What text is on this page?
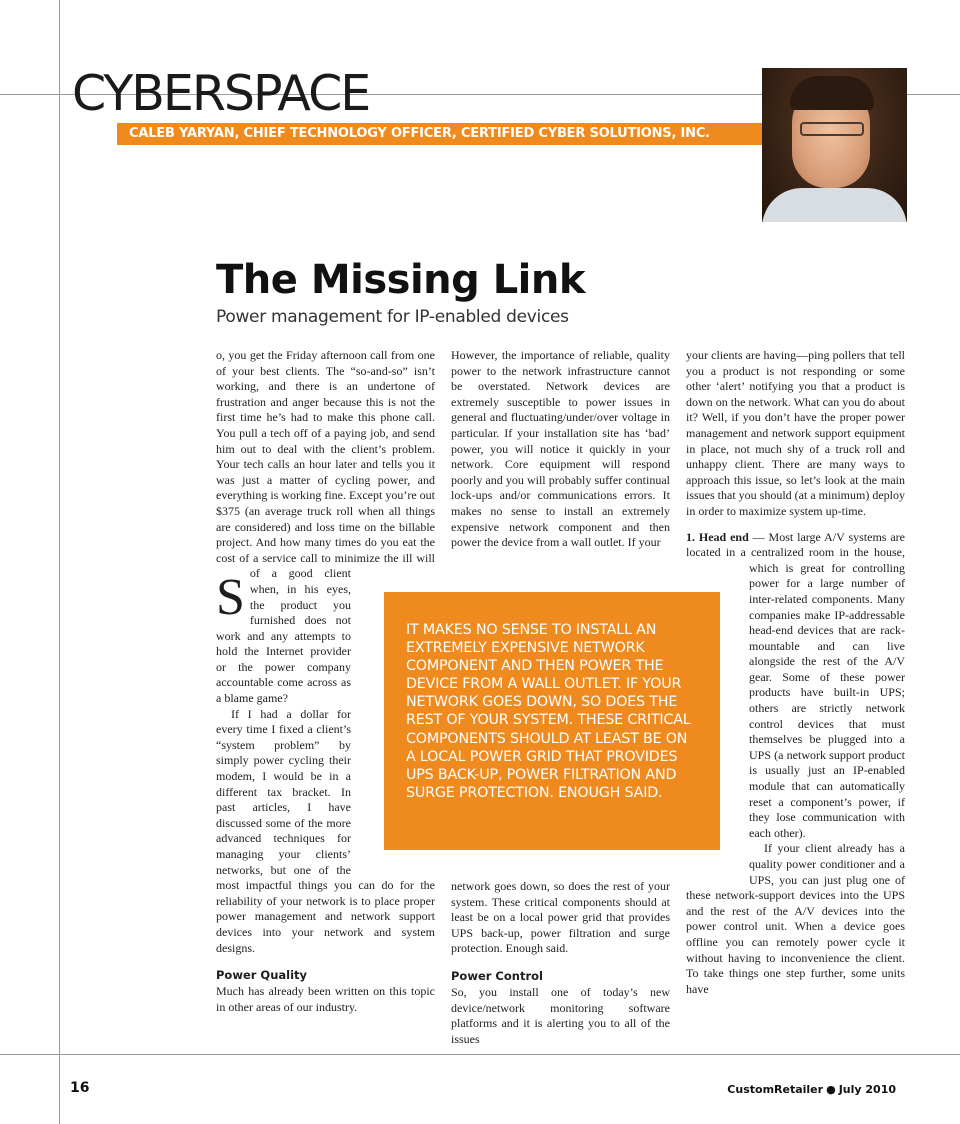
CYBERSPACE
CALEB YARYAN, CHIEF TECHNOLOGY OFFICER, CERTIFIED CYBER SOLUTIONS, INC.
The Missing Link

Power management for IP-enabled devices

S
o, you get the Friday afternoon call from one of your best clients. The “so-and-so” isn’t working, and there is an undertone of frustration and anger because this is not the first time he’s had to make this phone call. You pull a tech off of a paying job, and send him out to deal with the client’s problem. Your tech calls an hour later and tells you it was just a matter of cycling power, and everything is working fine. Except you’re out $375 (an average truck roll when all things are considered) and loss time on the billable project. And how many times do you eat the cost of a service call to minimize the ill will of a good client when, in his eyes, the product you furnished does not work and any attempts to hold the Internet provider or the power company accountable come across as a blame game?

If I had a dollar for every time I fixed a client’s “system problem” by simply power cycling their modem, I would be in a different tax bracket. In past articles, I have discussed some of the more advanced techniques for managing your clients’ networks, but one of the most impactful things you can do for the reliability of your network is to place proper power management and network support devices into your network and system designs.

Power Quality

Much has already been written on this topic in other areas of our industry.

However, the importance of reliable, quality power to the network infrastructure cannot be overstated. Network devices are extremely susceptible to power issues in general and fluctuating/under/over voltage in particular. If your installation site has ‘bad’ power, you will notice it quickly in your network. Core equipment will respond poorly and you will probably suffer continual lock-ups and/or communications errors. It makes no sense to install an extremely expensive network component and then power the device from a wall outlet. If your

network goes down, so does the rest of your system. These critical components should at least be on a local power grid that provides UPS back-up, power filtration and surge protection. Enough said.

Power Control

So, you install one of today’s new device/network monitoring software platforms and it is alerting you to all of the issues

your clients are having—ping pollers that tell you a product is not responding or some other ‘alert’ notifying you that a product is down on the network. What can you do about it? Well, if you don’t have the proper power management and network support equipment in place, not much shy of a truck roll and unhappy client. There are many ways to approach this issue, so let’s look at the main issues that you should (at a minimum) deploy in order to maximize system up-time.

1. Head end — Most large A/V systems are located in a centralized room in the house, which is great for controlling power for a large number of inter-related components. Many companies make IP-addressable head-end devices that are rack-mountable and can live alongside the rest of the A/V gear. Some of these power products have built-in UPS; others are strictly network control devices that must themselves be plugged into a UPS (a network support product is usually just an IP-enabled module that can automatically reset a component’s power, if they lose communication with each other).

If your client already has a quality power conditioner and a UPS, you can just plug one of these network-support devices into the UPS and the rest of the A/V devices into the power control unit. When a device goes offline you can remotely power cycle it without having to inconvenience the client. To take things one step further, some units have

IT MAKES NO SENSE TO INSTALL AN EXTREMELY EXPENSIVE NETWORK COMPONENT AND THEN POWER THE DEVICE FROM A WALL OUTLET. IF YOUR NETWORK GOES DOWN, SO DOES THE REST OF YOUR SYSTEM. THESE CRITICAL COMPONENTS SHOULD AT LEAST BE ON A LOCAL POWER GRID THAT PROVIDES UPS BACK-UP, POWER FILTRATION AND SURGE PROTECTION. ENOUGH SAID.
16	CustomRetailer ● July 2010
